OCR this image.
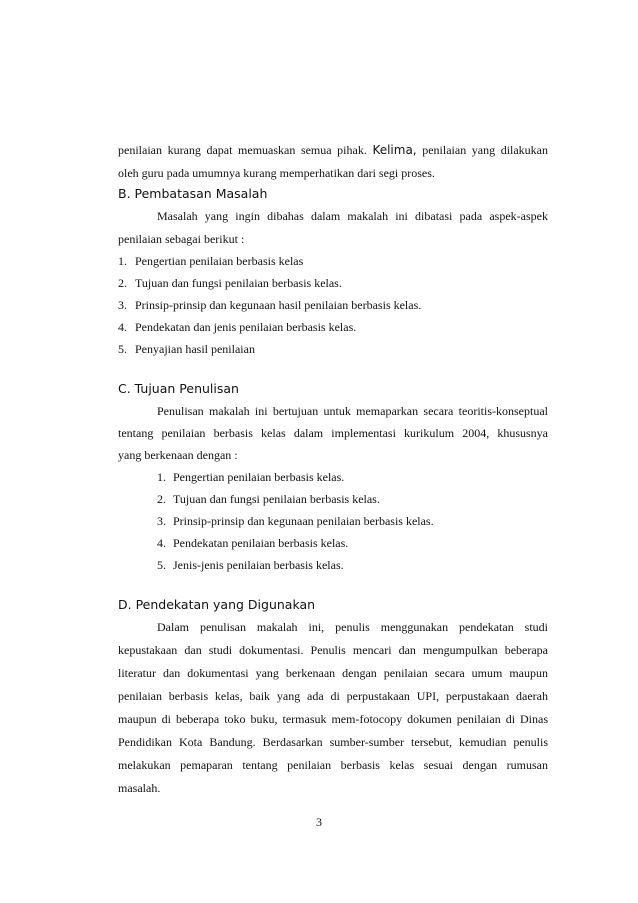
penilaian kurang dapat memuaskan semua pihak. Kelima, penilaian yang dilakukan
oleh guru pada umumnya kurang memperhatikan dari segi proses.
B. Pembatasan Masalah
Masalah yang ingin dibahas dalam makalah ini dibatasi pada aspek-aspek
penilaian sebagai berikut :
1. Pengertian penilaian berbasis kelas
2. Tujuan dan fungsi penilaian berbasis kelas.
3. Prinsip-prinsip dan kegunaan hasil penilaian berbasis kelas.
4. Pendekatan dan jenis penilaian berbasis kelas.
5. Penyajian hasil penilaian
C. Tujuan Penulisan
Penulisan makalah ini bertujuan untuk memaparkan secara teoritis-konseptual
tentang penilaian berbasis kelas dalam implementasi kurikulum 2004, khususnya
yang berkenaan dengan :
1. Pengertian penilaian berbasis kelas.
2. Tujuan dan fungsi penilaian berbasis kelas.
3. Prinsip-prinsip dan kegunaan penilaian berbasis kelas.
4. Pendekatan penilaian berbasis kelas.
5. Jenis-jenis penilaian berbasis kelas.
D. Pendekatan yang Digunakan
Dalam penulisan makalah ini, penulis menggunakan pendekatan studi
kepustakaan dan studi dokumentasi. Penulis mencari dan mengumpulkan beberapa
literatur dan dokumentasi yang berkenaan dengan penilaian secara umum maupun
penilaian berbasis kelas, baik yang ada di perpustakaan UPI, perpustakaan daerah
maupun di beberapa toko buku, termasuk mem-fotocopy dokumen penilaian di Dinas
Pendidikan Kota Bandung. Berdasarkan sumber-sumber tersebut, kemudian penulis
melakukan pemaparan tentang penilaian berbasis kelas sesuai dengan rumusan
masalah.
3
